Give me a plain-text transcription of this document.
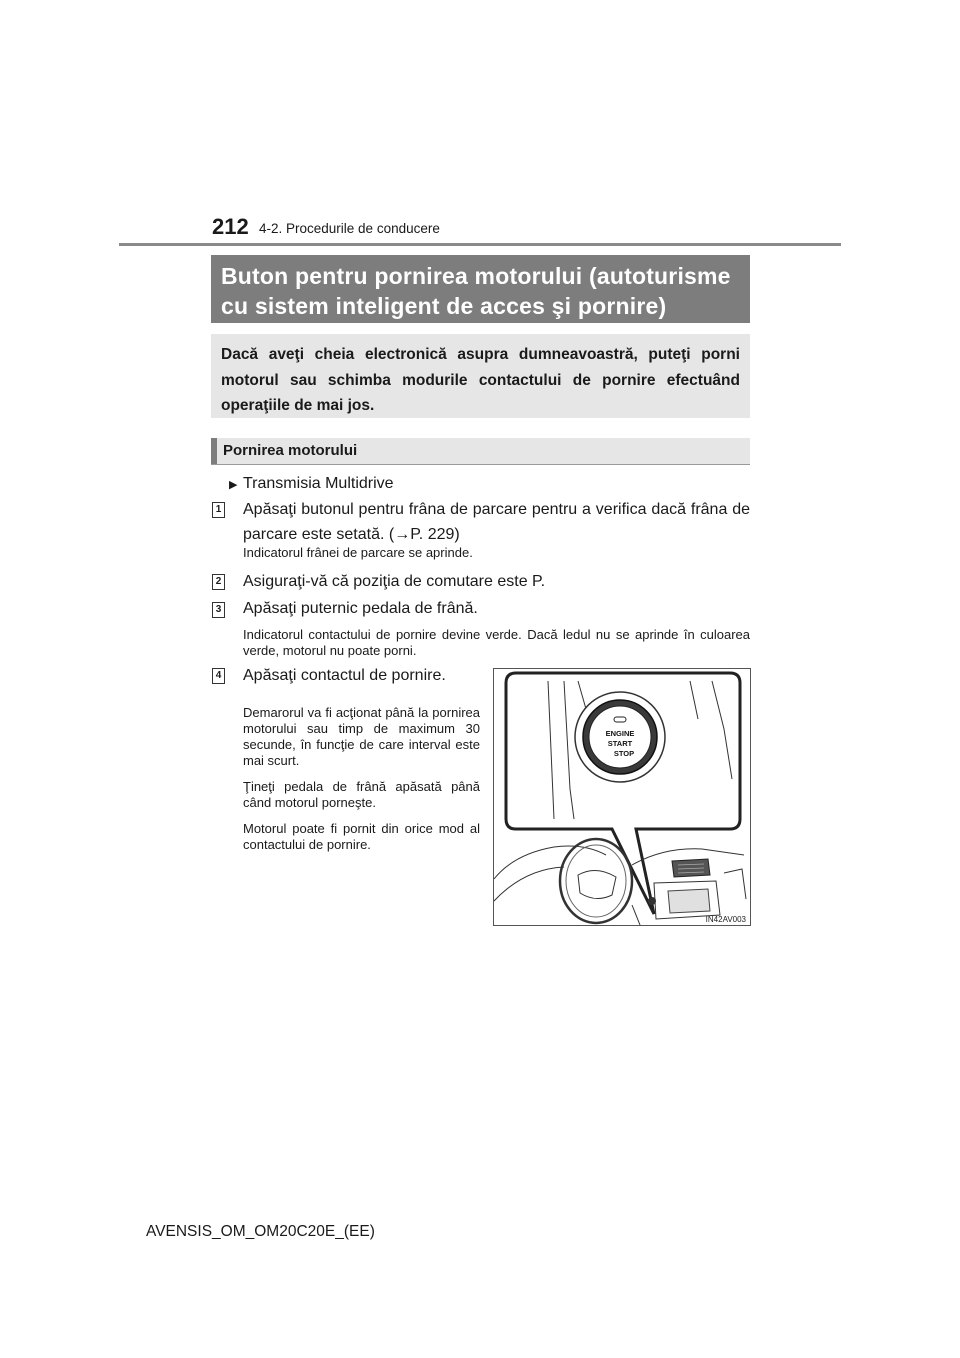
212 4-2. Procedurile de conducere
Buton pentru pornirea motorului (autoturisme
cu sistem inteligent de acces şi pornire)
Dacă aveţi cheia electronică asupra dumneavoastră, puteţi porni motorul sau schimba modurile contactului de pornire efectuând operaţiile de mai jos.
Pornirea motorului
▶ Transmisia Multidrive
1 Apăsaţi butonul pentru frâna de parcare pentru a verifica dacă frâna de parcare este setată. (→P. 229)
Indicatorul frânei de parcare se aprinde.
2 Asiguraţi-vă că poziţia de comutare este P.
3 Apăsaţi puternic pedala de frână.
Indicatorul contactului de pornire devine verde. Dacă ledul nu se aprinde în culoarea verde, motorul nu poate porni.
4 Apăsaţi contactul de pornire.

Demarorul va fi acţionat până la pornirea motorului sau timp de maximum 30 secunde, în funcţie de care interval este mai scurt.

Ţineţi pedala de frână apăsată până când motorul porneşte.

Motorul poate fi pornit din orice mod al contactului de pornire.

ENGINE
START
STOP
IN42AV003
AVENSIS_OM_OM20C20E_(EE)
